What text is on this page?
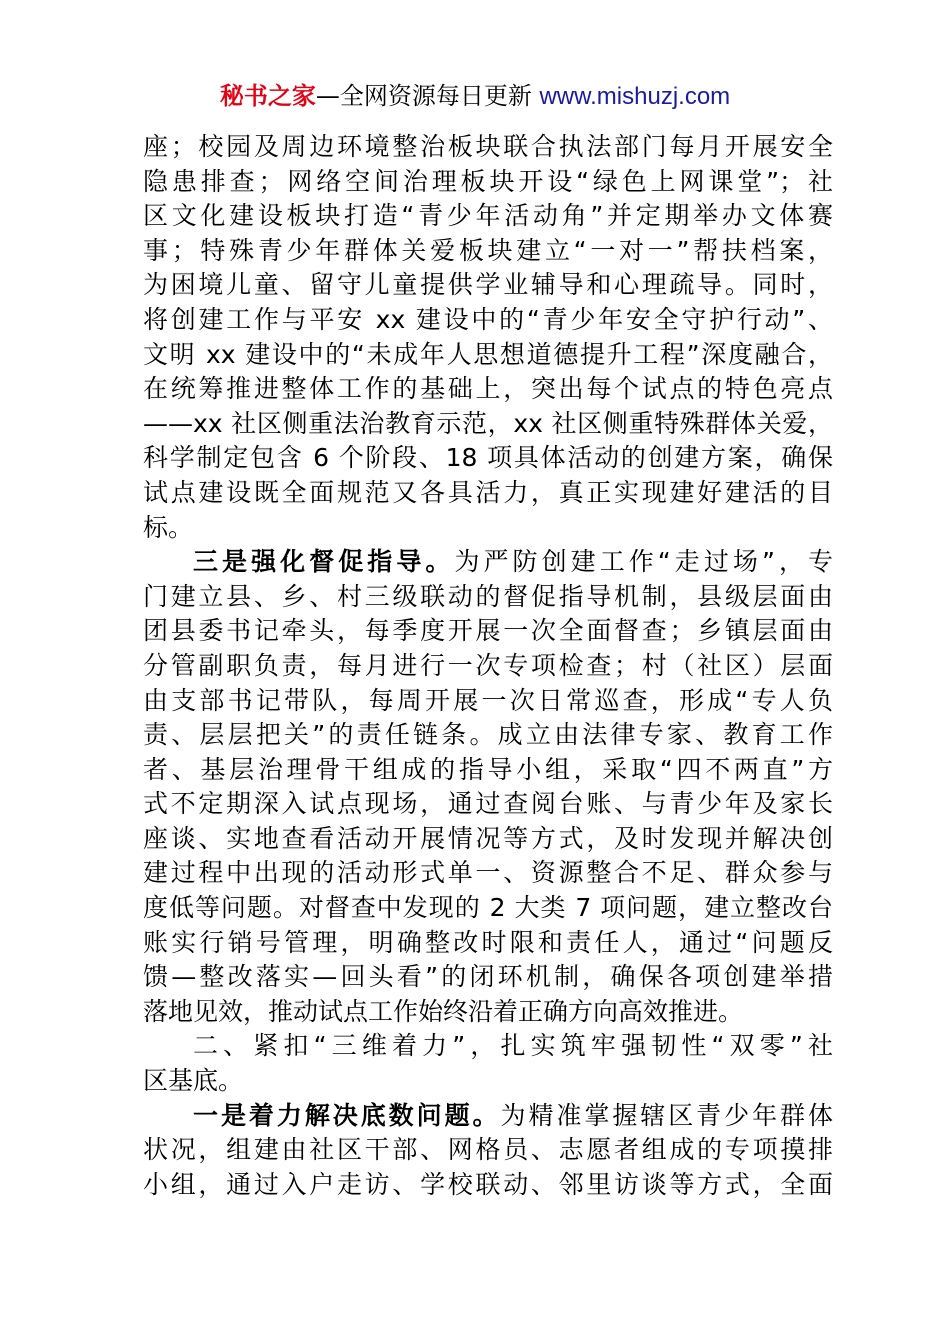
秘书之家—全网资源每日更新 www.mishuzj.com
座；校园及周边环境整治板块联合执法部门每月开展安全
隐患排查；网络空间治理板块开设“绿色上网课堂”；社
区文化建设板块打造“青少年活动角”并定期举办文体赛
事；特殊青少年群体关爱板块建立“一对一”帮扶档案，
为困境儿童、留守儿童提供学业辅导和心理疏导。同时，
将创建工作与平安 xx 建设中的“青少年安全守护行动”、
文明 xx 建设中的“未成年人思想道德提升工程”深度融合，
在统筹推进整体工作的基础上，突出每个试点的特色亮点
——xx 社区侧重法治教育示范，xx 社区侧重特殊群体关爱，
科学制定包含 6 个阶段、18 项具体活动的创建方案，确保
试点建设既全面规范又各具活力，真正实现建好建活的目
标。
三是强化督促指导。为严防创建工作“走过场”，专
门建立县、乡、村三级联动的督促指导机制，县级层面由
团县委书记牵头，每季度开展一次全面督查；乡镇层面由
分管副职负责，每月进行一次专项检查；村（社区）层面
由支部书记带队，每周开展一次日常巡查，形成“专人负
责、层层把关”的责任链条。成立由法律专家、教育工作
者、基层治理骨干组成的指导小组，采取“四不两直”方
式不定期深入试点现场，通过查阅台账、与青少年及家长
座谈、实地查看活动开展情况等方式，及时发现并解决创
建过程中出现的活动形式单一、资源整合不足、群众参与
度低等问题。对督查中发现的 2 大类 7 项问题，建立整改台
账实行销号管理，明确整改时限和责任人，通过“问题反
馈—整改落实—回头看”的闭环机制，确保各项创建举措
落地见效，推动试点工作始终沿着正确方向高效推进。
二、紧扣“三维着力”，扎实筑牢强韧性“双零”社
区基底。
一是着力解决底数问题。为精准掌握辖区青少年群体
状况，组建由社区干部、网格员、志愿者组成的专项摸排
小组，通过入户走访、学校联动、邻里访谈等方式，全面
